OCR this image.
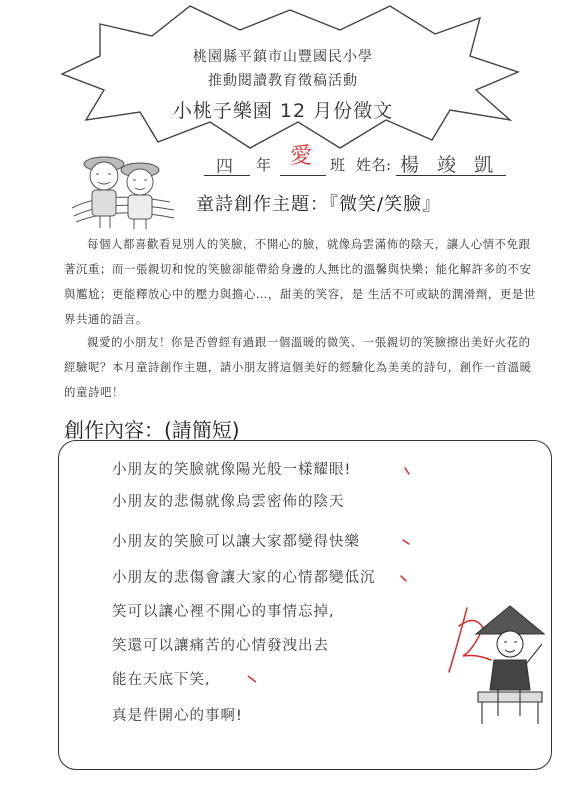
桃園縣平鎮市山豐國民小學
推動閱讀教育徵稿活動
小桃子樂園 12 月份徵文
四 年 愛 班 姓名: 楊 竣 凱
童詩創作主題：『微笑/笑臉』

每個人都喜歡看見別人的笑臉，不開心的臉，就像烏雲滿佈的陰天，讓人心情不免跟著沉重；而一張親切和悅的笑臉卻能帶給身邊的人無比的溫馨與快樂；能化解許多的不安與尷尬；更能釋放心中的壓力與擔心…，甜美的笑容，是 生活不可或缺的潤滑劑，更是世界共通的語言。

親愛的小朋友！你是否曾經有過跟一個溫暖的微笑、一張親切的笑臉擦出美好火花的經驗呢？本月童詩創作主題，請小朋友將這個美好的經驗化為美美的詩句，創作一首溫暖的童詩吧！

創作內容：(請簡短)
小朋友的笑臉就像陽光般一樣耀眼!
小朋友的悲傷就像烏雲密佈的陰天
小朋友的笑臉可以讓大家都變得快樂
小朋友的悲傷會讓大家的心情都變低沉
笑可以讓心裡不開心的事情忘掉,
笑還可以讓痛苦的心情發洩出去
能在天底下笑,
真是件開心的事啊!
